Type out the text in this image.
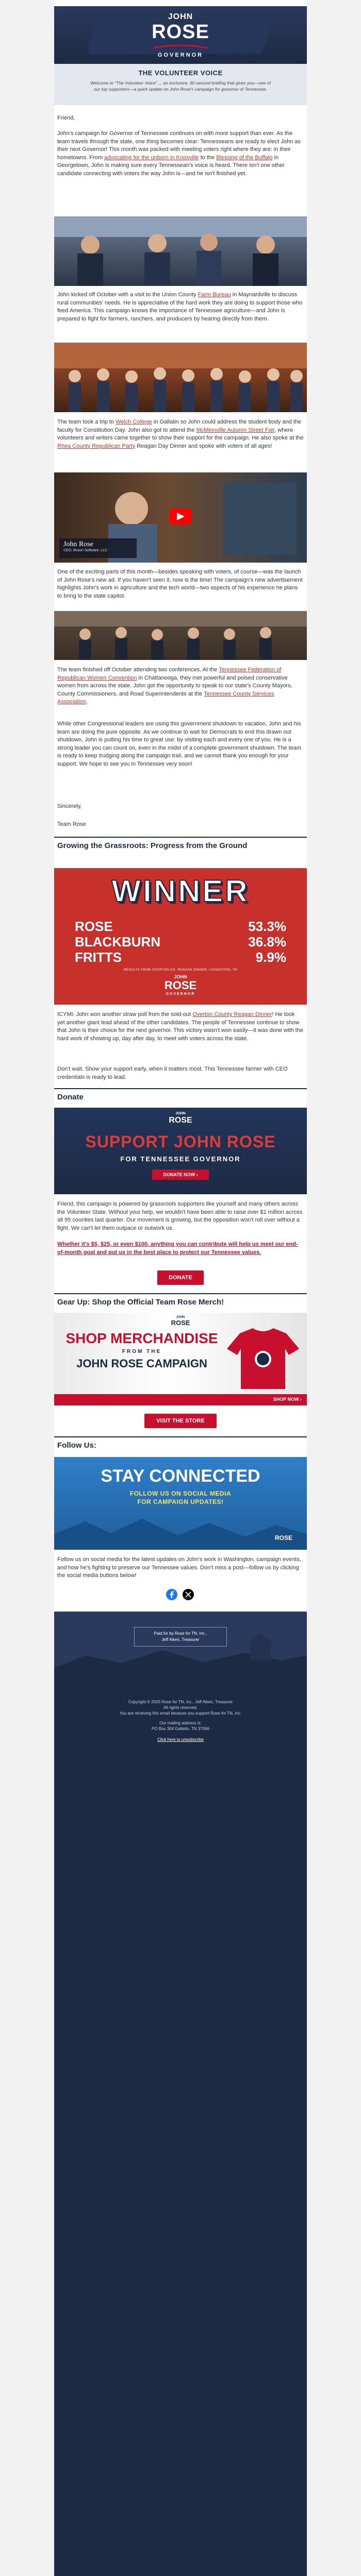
JOHN
ROSE
GOVERNOR
THE VOLUNTEER VOICE
Welcome to "The Volunteer Voice" ... an exclusive, 90-second briefing that gives you—one of our top supporters—a quick update on John Rose's campaign for governor of Tennessee.

Friend,

John's campaign for Governor of Tennessee continues on with more support than ever. As the team travels through the state, one thing becomes clear: Tennesseans are ready to elect John as their next Governor! This month was packed with meeting voters right where they are: in their hometowns. From advocating for the unborn in Knoxville to the Blessing of the Buffalo in Georgetown, John is making sure every Tennessean's voice is heard. There isn't one other candidate connecting with voters the way John is—and he isn't finished yet.

John kicked off October with a visit to the Union County Farm Bureau in Maynardville to discuss rural communities' needs. He is appreciative of the hard work they are doing to support those who feed America. This campaign knows the importance of Tennessee agriculture—and John is prepared to fight for farmers, ranchers, and producers by hearing directly from them.

The team took a trip to Welch College in Gallatin so John could address the student body and the faculty for Constitution Day. John also got to attend the McMinnville Autumn Street Fair, where volunteers and writers came together to show their support for the campaign. He also spoke at the Rhea County Republican Party Reagan Day Dinner and spoke with voters of all ages!

John Rose
CEO, Boson Software, LLC

One of the exciting parts of this month—besides speaking with voters, of course—was the launch of John Rose's new ad. If you haven't seen it, now is the time! The campaign's new advertisement highlights John's work in agriculture and the tech world—two aspects of his experience he plans to bring to the state capitol.

The team finished off October attending two conferences. At the Tennessee Federation of Republican Women Convention in Chattanooga, they met powerful and poised conservative women from across the state. John got the opportunity to speak to our state's County Mayors, County Commissioners, and Road Superintendents at the Tennessee County Services Association.

While other Congressional leaders are using this government shutdown to vacation, John and his team are doing the pure opposite. As we continue to wait for Democrats to end this drawn out shutdown, John is putting his time to great use: by visiting each and every one of you. He is a strong leader you can count on, even in the midst of a complete government shutdown. The team is ready to keep trudging along the campaign trail, and we cannot thank you enough for your support. We hope to see you in Tennessee very soon!

Sincerely,

Team Rose

Growing the Grassroots: Progress from the Ground
WINNER
ROSE	53.3%
BLACKBURN	36.8%
FRITTS	9.9%
RESULTS FROM OVERTON CO. REAGAN DINNER, LIVINGSTON, TN
JOHN
ROSE
GOVERNOR

ICYMI: John won another straw poll from the sold-out Overton County Reagan Dinner! He took yet another giant lead ahead of the other candidates. The people of Tennessee continue to show that John is their choice for the next governor. This victory wasn't won easily—it was done with the hard work of showing up, day after day, to meet with voters across the state.

Don't wait. Show your support early, when it matters most. This Tennessee farmer with CEO credentials is ready to lead.

Donate
JOHN
ROSE
SUPPORT JOHN ROSE
FOR TENNESSEE GOVERNOR
DONATE NOW ›

Friend, this campaign is powered by grassroots supporters like yourself and many others across the Volunteer State. Without your help, we wouldn't have been able to raise over $1 million across all 95 counties last quarter. Our movement is growing, but the opposition won't roll over without a fight. We can't let them outpace or outwork us.

Whether it's $5, $25, or even $100, anything you can contribute will help us meet our end-of-month goal and put us in the best place to protect our Tennessee values.

DONATE
Gear Up: Shop the Official Team Rose Merch!
JOHN
ROSE
SHOP MERCHANDISE
FROM THE
JOHN ROSE CAMPAIGN
SHOP NOW ›
VISIT THE STORE
Follow Us:
STAY CONNECTED
FOLLOW US ON SOCIAL MEDIA
FOR CAMPAIGN UPDATES!
ROSE

Follow us on social media for the latest updates on John's work in Washington, campaign events, and how he's fighting to preserve our Tennessee values. Don't miss a post—follow us by clicking the social media buttons below!

Paid for by Rose for TN, Inc.,
Jeff Aiken, Treasurer
Copyright © 2025 Rose for TN, Inc., Jeff Aiken, Treasurer
All rights reserved.
You are receiving this email because you support Rose for TN, Inc.
Our mailing address is:
PO Box 304 Gallatin, TN 37066
Click here to unsubscribe
